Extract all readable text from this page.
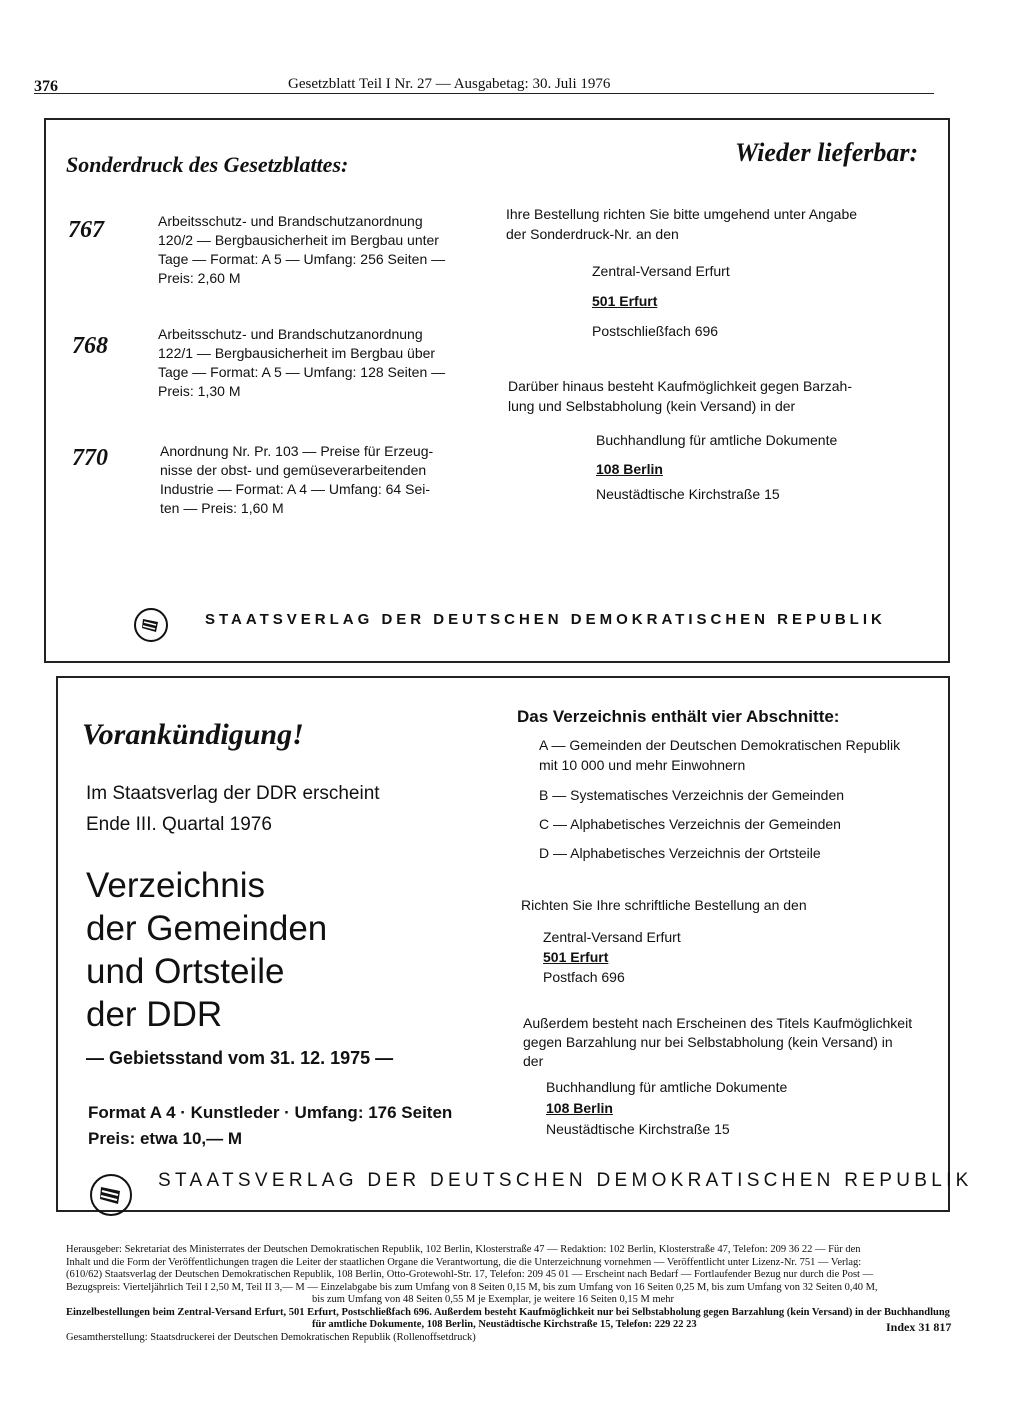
376	Gesetzblatt Teil I Nr. 27 — Ausgabetag: 30. Juli 1976
Sonderdruck des Gesetzblattes:	Wieder lieferbar:
767	Arbeitsschutz- und Brandschutzanordnung
120/2 — Bergbausicherheit im Bergbau unter
Tage — Format: A 5 — Umfang: 256 Seiten —
Preis: 2,60 M
768	Arbeitsschutz- und Brandschutzanordnung
122/1 — Bergbausicherheit im Bergbau über
Tage — Format: A 5 — Umfang: 128 Seiten —
Preis: 1,30 M
770	Anordnung Nr. Pr. 103 — Preise für Erzeug-
nisse der obst- und gemüseverarbeitenden
Industrie — Format: A 4 — Umfang: 64 Sei-
ten — Preis: 1,60 M
Ihre Bestellung richten Sie bitte umgehend unter Angabe
der Sonderdruck-Nr. an den
Zentral-Versand Erfurt
501 Erfurt
Postschließfach 696
Darüber hinaus besteht Kaufmöglichkeit gegen Barzah-
lung und Selbstabholung (kein Versand) in der
Buchhandlung für amtliche Dokumente
108 Berlin
Neustädtische Kirchstraße 15
STAATSVERLAG DER DEUTSCHEN DEMOKRATISCHEN REPUBLIK
Vorankündigung!
Im Staatsverlag der DDR erscheint
Ende III. Quartal 1976
Verzeichnis
der Gemeinden
und Ortsteile
der DDR
— Gebietsstand vom 31. 12. 1975 —
Format A 4 · Kunstleder · Umfang: 176 Seiten
Preis: etwa 10,— M
Das Verzeichnis enthält vier Abschnitte:
A — Gemeinden der Deutschen Demokratischen Republik
mit 10 000 und mehr Einwohnern
B — Systematisches Verzeichnis der Gemeinden
C — Alphabetisches Verzeichnis der Gemeinden
D — Alphabetisches Verzeichnis der Ortsteile
Richten Sie Ihre schriftliche Bestellung an den
Zentral-Versand Erfurt
501 Erfurt
Postfach 696
Außerdem besteht nach Erscheinen des Titels Kaufmöglichkeit
gegen Barzahlung nur bei Selbstabholung (kein Versand) in
der
Buchhandlung für amtliche Dokumente
108 Berlin
Neustädtische Kirchstraße 15
STAATSVERLAG DER DEUTSCHEN DEMOKRATISCHEN REPUBLIK
Herausgeber: Sekretariat des Ministerrates der Deutschen Demokratischen Republik, 102 Berlin, Klosterstraße 47 — Redaktion: 102 Berlin, Klosterstraße 47, Telefon: 209 36 22 — Für den
Inhalt und die Form der Veröffentlichungen tragen die Leiter der staatlichen Organe die Verantwortung, die die Unterzeichnung vornehmen — Veröffentlicht unter Lizenz-Nr. 751 — Verlag:
(610/62) Staatsverlag der Deutschen Demokratischen Republik, 108 Berlin, Otto-Grotewohl-Str. 17, Telefon: 209 45 01 — Erscheint nach Bedarf — Fortlaufender Bezug nur durch die Post —
Bezugspreis: Vierteljährlich Teil I 2,50 M, Teil II 3,— M — Einzelabgabe bis zum Umfang von 8 Seiten 0,15 M, bis zum Umfang von 16 Seiten 0,25 M, bis zum Umfang von 32 Seiten 0,40 M,
bis zum Umfang von 48 Seiten 0,55 M je Exemplar, je weitere 16 Seiten 0,15 M mehr
Einzelbestellungen beim Zentral-Versand Erfurt, 501 Erfurt, Postschließfach 696. Außerdem besteht Kaufmöglichkeit nur bei Selbstabholung gegen Barzahlung (kein Versand) in der Buchhandlung
für amtliche Dokumente, 108 Berlin, Neustädtische Kirchstraße 15, Telefon: 229 22 23
Gesamtherstellung: Staatsdruckerei der Deutschen Demokratischen Republik (Rollenoffsetdruck)
Index 31 817
